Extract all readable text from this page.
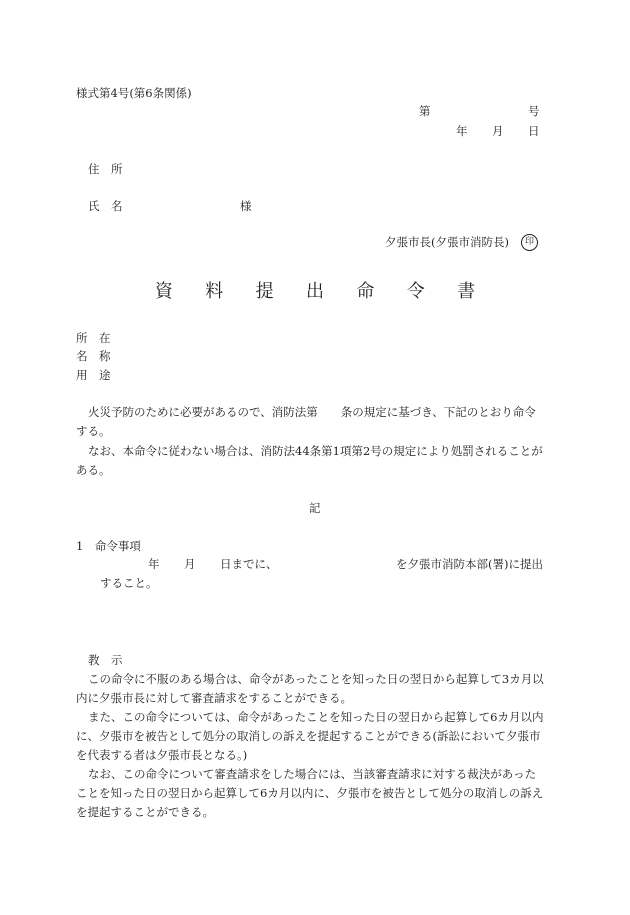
様式第4号(第6条関係)
第	号
年 月 日
住　所
氏　名	様
夕張市長(夕張市消防長)	印
資 料 提 出 命 令 書
所　在
名　称
用　途
火災予防のために必要があるので、消防法第　　条の規定に基づき、下記のとおり命令
する。
なお、本命令に従わない場合は、消防法44条第1項第2号の規定により処罰されることが
ある。
記
1　命令事項
年 月 日までに、	を夕張市消防本部(署)に提出
すること。
教　示
この命令に不服のある場合は、命令があったことを知った日の翌日から起算して3カ月以
内に夕張市長に対して審査請求をすることができる。
また、この命令については、命令があったことを知った日の翌日から起算して6カ月以内
に、夕張市を被告として処分の取消しの訴えを提起することができる(訴訟において夕張市
を代表する者は夕張市長となる。)
なお、この命令について審査請求をした場合には、当該審査請求に対する裁決があった
ことを知った日の翌日から起算して6カ月以内に、夕張市を被告として処分の取消しの訴え
を提起することができる。
